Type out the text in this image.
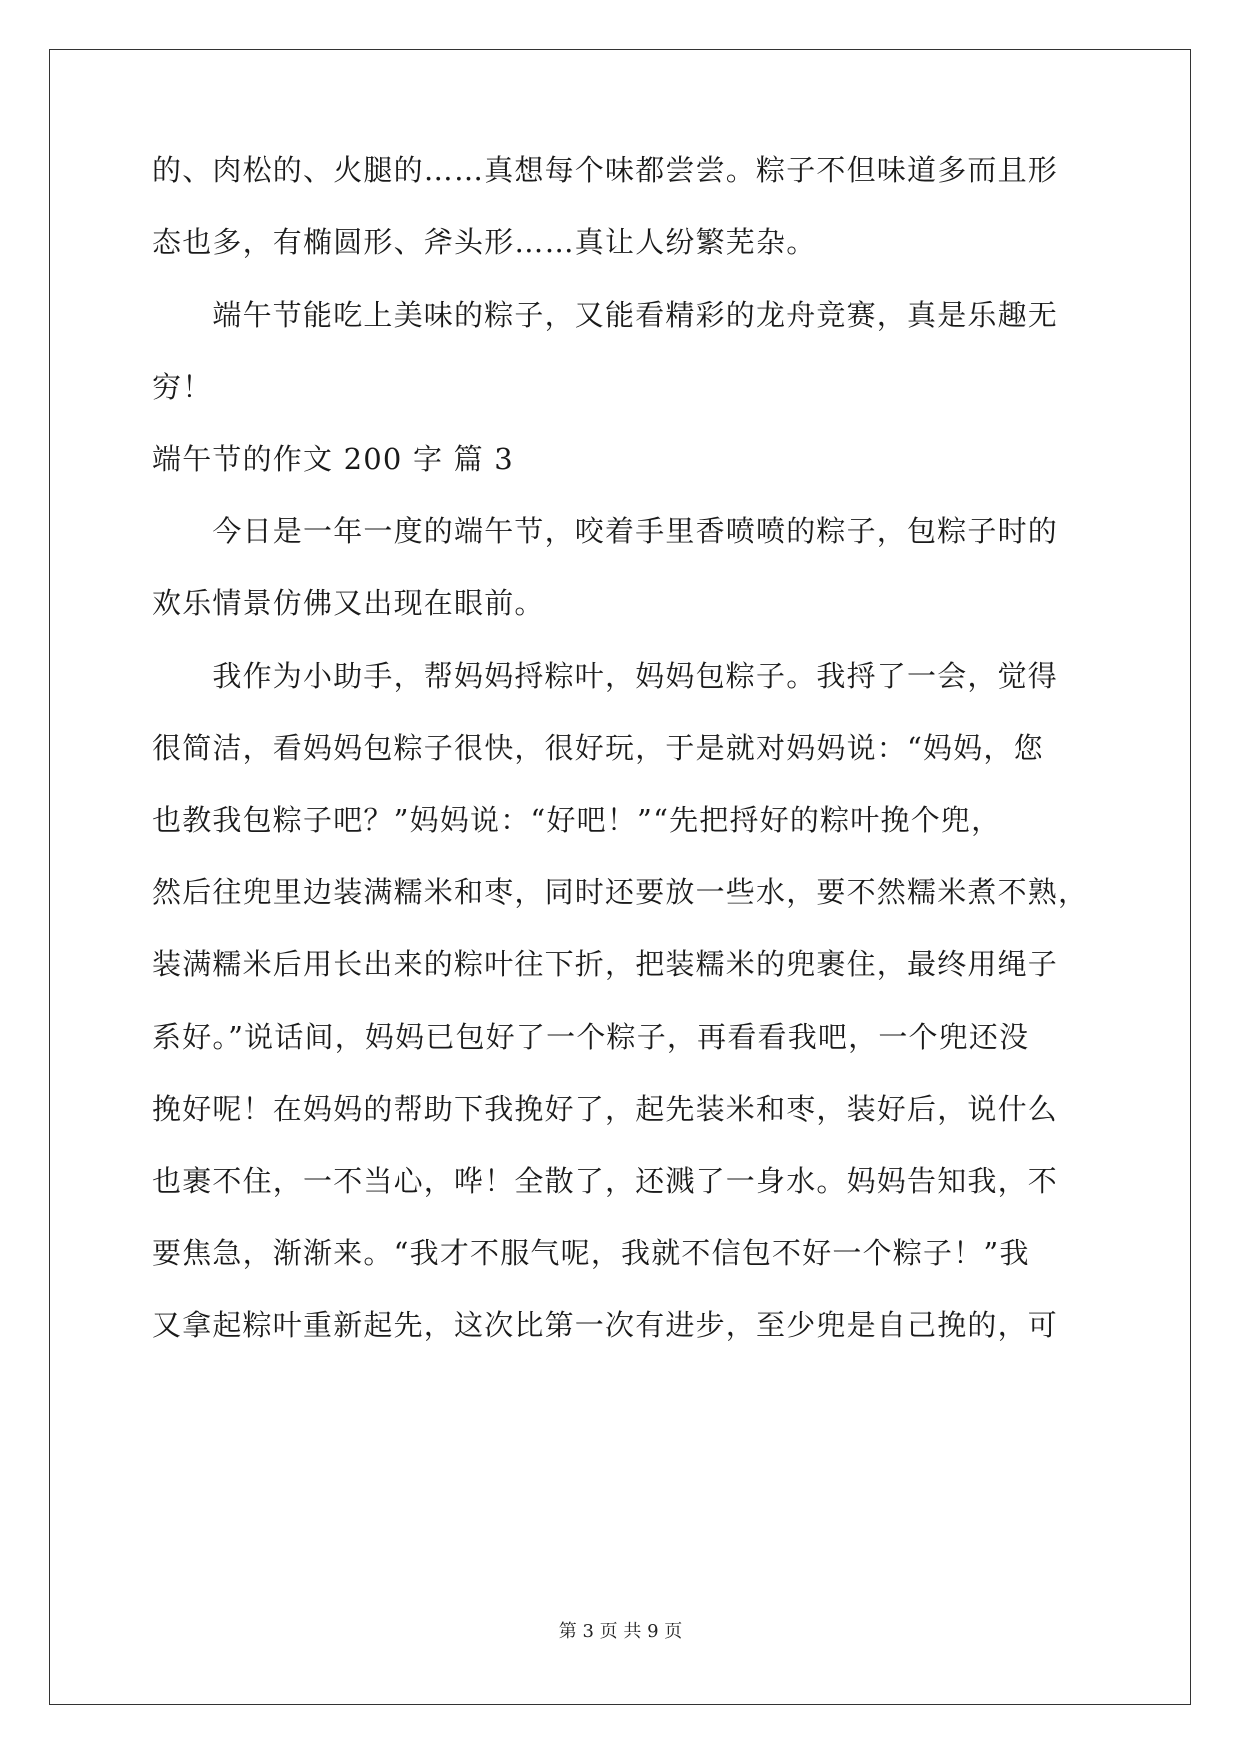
的、肉松的、火腿的……真想每个味都尝尝。粽子不但味道多而且形
态也多，有椭圆形、斧头形……真让人纷繁芜杂。
　　端午节能吃上美味的粽子，又能看精彩的龙舟竞赛，真是乐趣无
穷！
端午节的作文 200 字 篇 3
　　今日是一年一度的端午节，咬着手里香喷喷的粽子，包粽子时的
欢乐情景仿佛又出现在眼前。
　　我作为小助手，帮妈妈捋粽叶，妈妈包粽子。我捋了一会，觉得
很简洁，看妈妈包粽子很快，很好玩，于是就对妈妈说：“妈妈，您
也教我包粽子吧？”妈妈说：“好吧！”“先把捋好的粽叶挽个兜，
然后往兜里边装满糯米和枣，同时还要放一些水，要不然糯米煮不熟，
装满糯米后用长出来的粽叶往下折，把装糯米的兜裹住，最终用绳子
系好。”说话间，妈妈已包好了一个粽子，再看看我吧，一个兜还没
挽好呢！在妈妈的帮助下我挽好了，起先装米和枣，装好后，说什么
也裹不住，一不当心，哗！全散了，还溅了一身水。妈妈告知我，不
要焦急，渐渐来。“我才不服气呢，我就不信包不好一个粽子！”我
又拿起粽叶重新起先，这次比第一次有进步，至少兜是自己挽的，可
第 3 页 共 9 页
